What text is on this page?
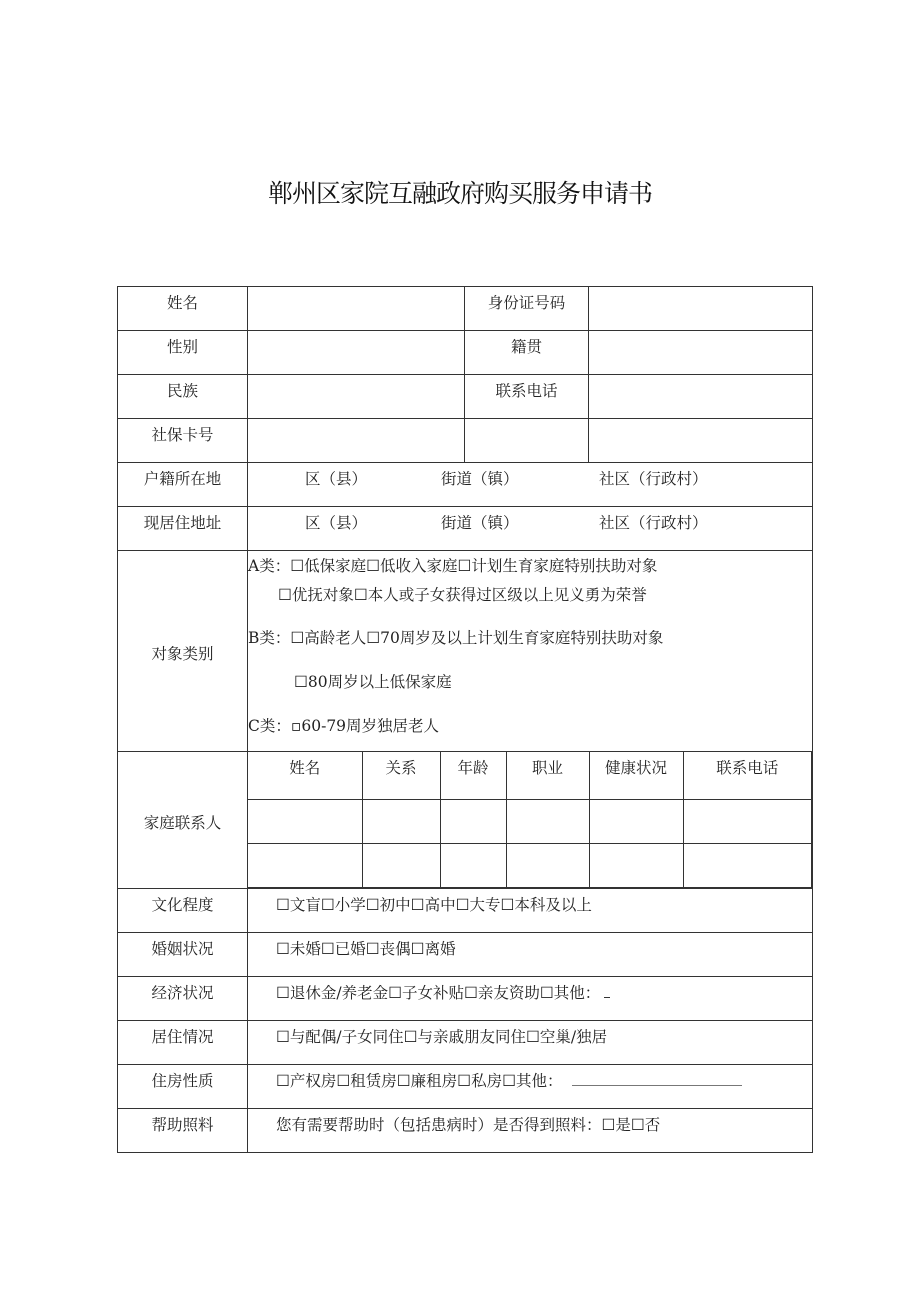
郸州区家院互融政府购买服务申请书
姓名		身份证号码	
性别		籍贯	
民族		联系电话	
社保卡号			
户籍所在地	区（县）	街道（镇）	社区（行政村）

现居住地址	区（县）	街道（镇）	社区（行政村）

对象类别	
A类：☐低保家庭☐低收入家庭☐计划生育家庭特别扶助对象
☐优抚对象☐本人或子女获得过区级以上见义勇为荣誉
B类：☐高龄老人☐70周岁及以上计划生育家庭特别扶助对象
☐80周岁以上低保家庭
C类：▫60-79周岁独居老人

家庭联系人	
姓名	关系	年龄	职业	健康状况	联系电话

文化程度	☐文盲☐小学☐初中☐高中☐大专☐本科及以上
婚姻状况	☐未婚☐已婚☐丧偶☐离婚
经济状况	☐退休金/养老金☐子女补贴☐亲友资助☐其他：
居住情况	☐与配偶/子女同住☐与亲戚朋友同住☐空巢/独居
住房性质	☐产权房☐租赁房☐廉租房☐私房☐其他：
帮助照料	您有需要帮助时（包括患病时）是否得到照料：☐是☐否
